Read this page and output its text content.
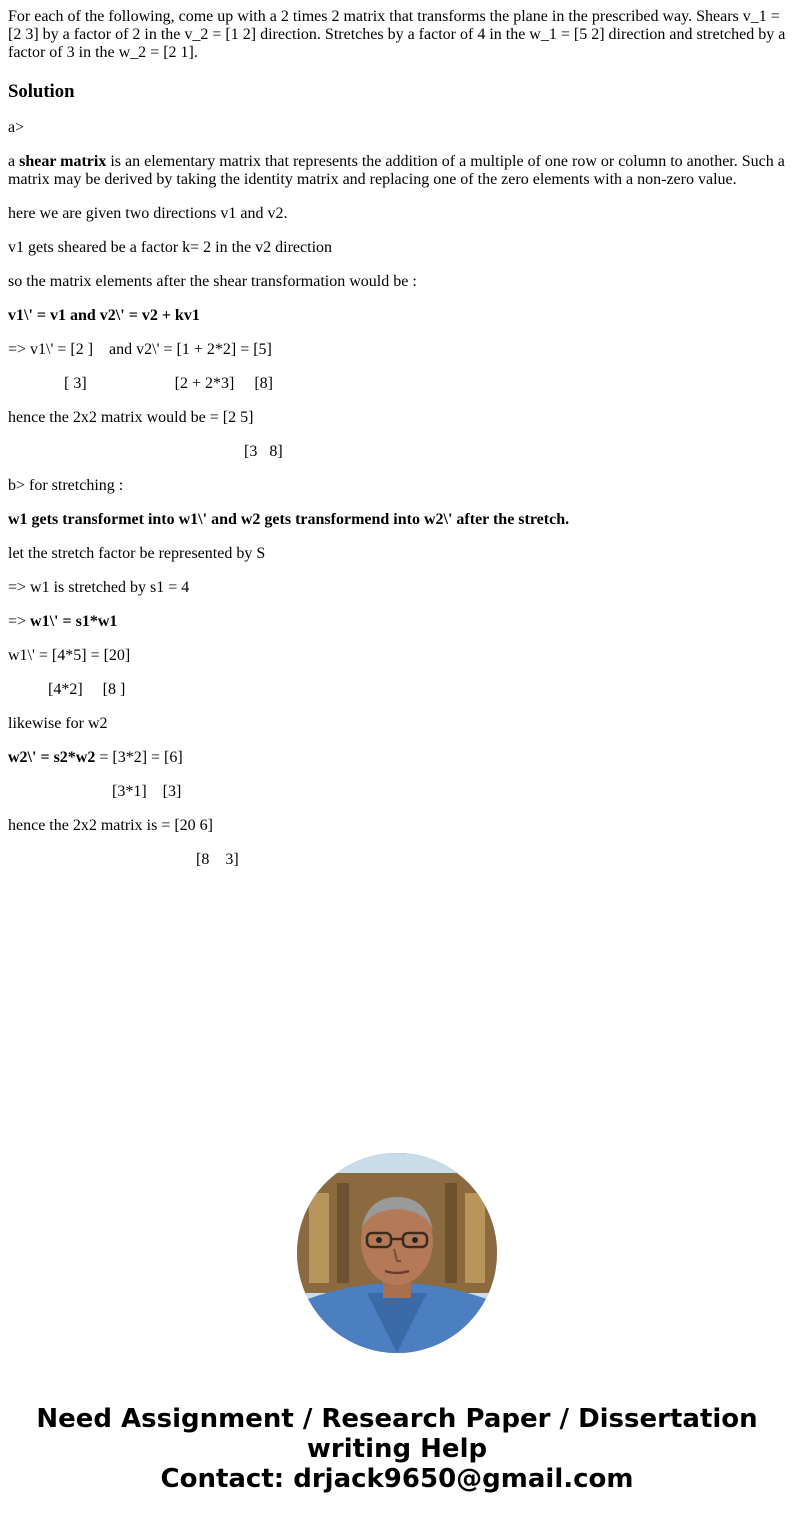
For each of the following, come up with a 2 times 2 matrix that transforms the plane in the prescribed way. Shears v_1 = [2 3] by a factor of 2 in the v_2 = [1 2] direction. Stretches by a factor of 4 in the w_1 = [5 2] direction and stretched by a factor of 3 in the w_2 = [2 1].
Solution

a>

a shear matrix is an elementary matrix that represents the addition of a multiple of one row or column to another. Such a matrix may be derived by taking the identity matrix and replacing one of the zero elements with a non-zero value.

here we are given two directions v1 and v2.

v1 gets sheared be a factor k= 2 in the v2 direction

so the matrix elements after the shear transformation would be :

v1\' = v1 and v2\' = v2 + kv1

=> v1\' = [2 ]    and v2\' = [1 + 2*2] = [5]

[ 3]                      [2 + 2*3]     [8]

hence the 2x2 matrix would be = [2 5]

[3   8]

b> for stretching :

w1 gets transformet into w1\' and w2 gets transformend into w2\' after the stretch.

let the stretch factor be represented by S

=> w1 is stretched by s1 = 4

=> w1\' = s1*w1

w1\' = [4*5] = [20]

[4*2]     [8 ]

likewise for w2

w2\' = s2*w2 = [3*2] = [6]

[3*1]    [3]

hence the 2x2 matrix is = [20 6]

[8    3]

Need Assignment / Research Paper / Dissertation
writing Help
Contact: drjack9650@gmail.com
